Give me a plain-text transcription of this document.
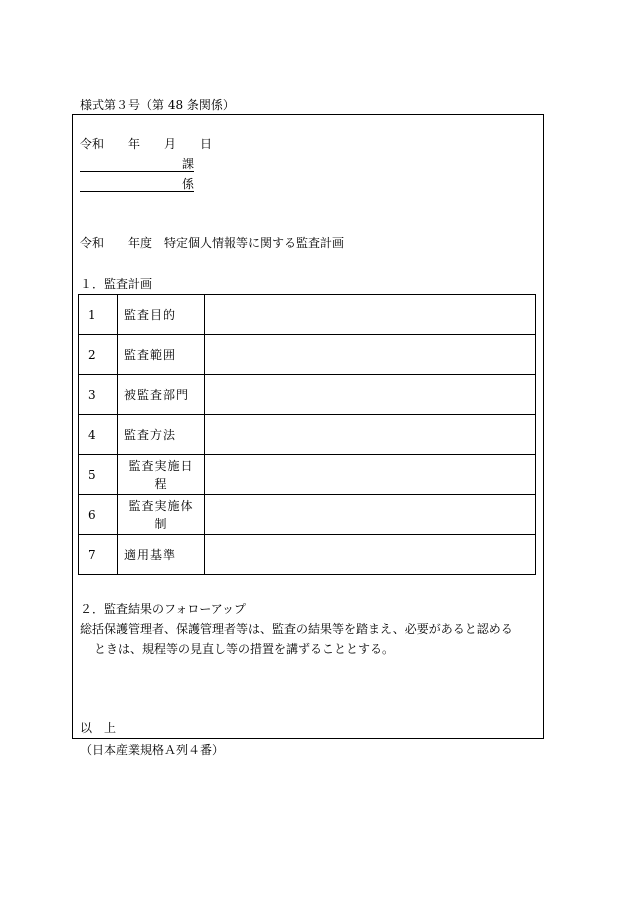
様式第３号（第 48 条関係）
令和　　年　　月　　日
課
係
令和　　年度　特定個人情報等に関する監査計画
１．監査計画
1	監査目的	
2	監査範囲	
3	被監査部門	
4	監査方法	
5	監査実施日
程	

6	監査実施体
制	

7	適用基準	
２．監査結果のフォローアップ
総括保護管理者、保護管理者等は、監査の結果等を踏まえ、必要があると認める
ときは、規程等の見直し等の措置を講ずることとする。
以　上
（日本産業規格Ａ列４番）
